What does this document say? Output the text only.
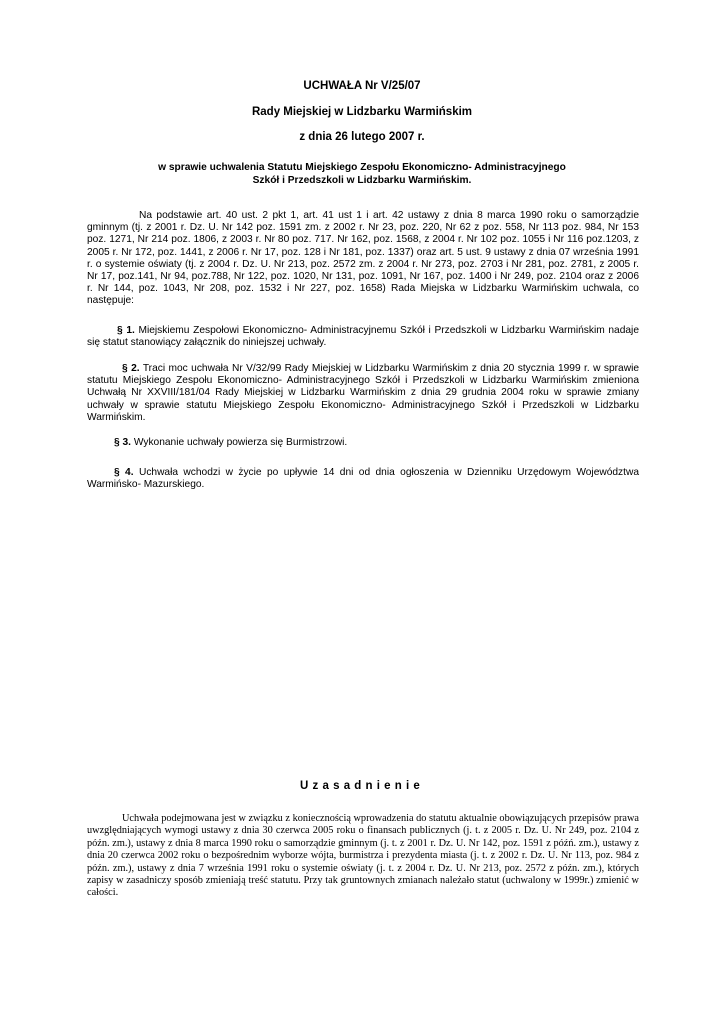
UCHWAŁA Nr V/25/07
Rady Miejskiej w Lidzbarku Warmińskim
z dnia 26 lutego 2007 r.
w sprawie uchwalenia Statutu Miejskiego Zespołu Ekonomiczno- Administracyjnego
Szkół i Przedszkoli w Lidzbarku Warmińskim.

Na podstawie art. 40 ust. 2 pkt 1, art. 41 ust 1 i art. 42 ustawy z dnia 8 marca 1990 roku o samorządzie gminnym (tj. z 2001 r. Dz. U. Nr 142 poz. 1591 zm. z 2002 r. Nr 23, poz. 220, Nr 62 z poz. 558, Nr 113 poz. 984, Nr 153 poz. 1271, Nr 214 poz. 1806, z 2003 r. Nr 80 poz. 717. Nr 162, poz. 1568, z 2004 r. Nr 102 poz. 1055 i Nr 116 poz.1203, z 2005 r. Nr 172, poz. 1441, z 2006 r. Nr 17, poz. 128 i Nr 181, poz. 1337) oraz art. 5 ust. 9 ustawy z dnia 07 września 1991 r. o systemie oświaty (tj. z 2004 r. Dz. U. Nr 213, poz. 2572 zm. z 2004 r. Nr 273, poz. 2703 i Nr 281, poz. 2781, z 2005 r. Nr 17, poz.141, Nr 94, poz.788, Nr 122, poz. 1020, Nr 131, poz. 1091, Nr 167, poz. 1400 i Nr 249, poz. 2104 oraz z 2006 r. Nr 144, poz. 1043, Nr 208, poz. 1532 i Nr 227, poz. 1658) Rada Miejska w Lidzbarku Warmińskim uchwala, co następuje:

§ 1. Miejskiemu Zespołowi Ekonomiczno- Administracyjnemu Szkół i Przedszkoli w Lidzbarku Warmińskim nadaje się statut stanowiący załącznik do niniejszej uchwały.

§ 2. Traci moc uchwała Nr V/32/99 Rady Miejskiej w Lidzbarku Warmińskim z dnia 20 stycznia 1999 r. w sprawie statutu Miejskiego Zespołu Ekonomiczno- Administracyjnego Szkół i Przedszkoli w Lidzbarku Warmińskim zmieniona Uchwałą Nr XXVIII/181/04 Rady Miejskiej w Lidzbarku Warmińskim z dnia 29 grudnia 2004 roku w sprawie zmiany uchwały w sprawie statutu Miejskiego Zespołu Ekonomiczno- Administracyjnego Szkół i Przedszkoli w Lidzbarku Warmińskim.

§ 3. Wykonanie uchwały powierza się Burmistrzowi.

§ 4. Uchwała wchodzi w życie po upływie 14 dni od dnia ogłoszenia w Dzienniku Urzędowym Województwa Warmińsko- Mazurskiego.

Uzasadnienie

Uchwała podejmowana jest w związku z koniecznością wprowadzenia do statutu aktualnie obowiązujących przepisów prawa uwzględniających wymogi ustawy z dnia 30 czerwca 2005 roku o finansach publicznych (j. t. z 2005 r. Dz. U. Nr 249, poz. 2104 z późn. zm.), ustawy z dnia 8 marca 1990 roku o samorządzie gminnym (j. t. z 2001 r. Dz. U. Nr 142, poz. 1591 z późń. zm.), ustawy z dnia 20 czerwca 2002 roku o bezpośrednim wyborze wójta, burmistrza i prezydenta miasta (j. t. z 2002 r. Dz. U. Nr 113, poz. 984 z późn. zm.), ustawy z dnia 7 września 1991 roku o systemie oświaty (j. t. z 2004 r. Dz. U. Nr 213, poz. 2572 z późn. zm.), których zapisy w zasadniczy sposób zmieniają treść statutu. Przy tak gruntownych zmianach należało statut (uchwalony w 1999r.) zmienić w całości.
